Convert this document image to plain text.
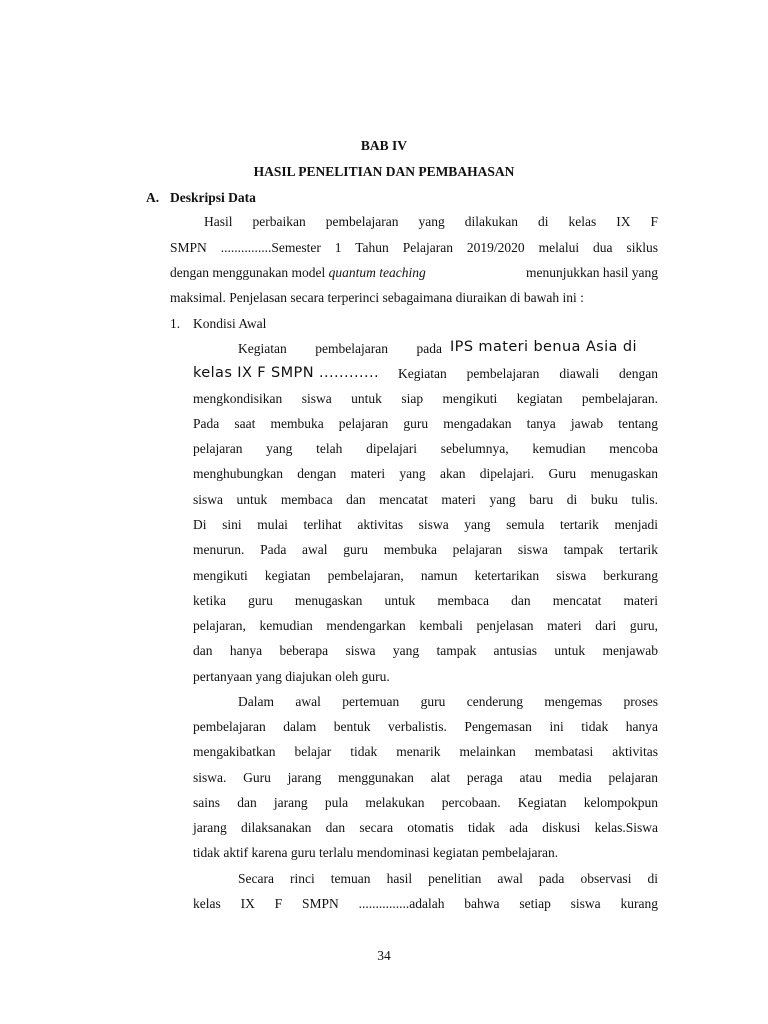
BAB IV
HASIL PENELITIAN DAN PEMBAHASAN
A. Deskripsi Data
Hasil perbaikan pembelajaran yang dilakukan di kelas IX F
SMPN ...............Semester 1 Tahun Pelajaran 2019/2020 melalui dua siklus
dengan menggunakan model quantum teaching	menunjukkan hasil yang
maksimal. Penjelasan secara terperinci sebagaimana diuraikan di bawah ini :
1. Kondisi Awal
Kegiatan pembelajaran pada IPS materi benua Asia di
kelas IX F SMPN ............ Kegiatan pembelajaran diawali dengan
mengkondisikan siswa untuk siap mengikuti kegiatan pembelajaran.
Pada saat membuka pelajaran guru mengadakan tanya jawab tentang
pelajaran yang telah dipelajari sebelumnya, kemudian mencoba
menghubungkan dengan materi yang akan dipelajari. Guru menugaskan
siswa untuk membaca dan mencatat materi yang baru di buku tulis.
Di sini mulai terlihat aktivitas siswa yang semula tertarik menjadi
menurun. Pada awal guru membuka pelajaran siswa tampak tertarik
mengikuti kegiatan pembelajaran, namun ketertarikan siswa berkurang
ketika guru menugaskan untuk membaca dan mencatat materi
pelajaran, kemudian mendengarkan kembali penjelasan materi dari guru,
dan hanya beberapa siswa yang tampak antusias untuk menjawab
pertanyaan yang diajukan oleh guru.
Dalam awal pertemuan guru cenderung mengemas proses
pembelajaran dalam bentuk verbalistis. Pengemasan ini tidak hanya
mengakibatkan belajar tidak menarik melainkan membatasi aktivitas
siswa. Guru jarang menggunakan alat peraga atau media pelajaran
sains dan jarang pula melakukan percobaan. Kegiatan kelompokpun
jarang dilaksanakan dan secara otomatis tidak ada diskusi kelas.Siswa
tidak aktif karena guru terlalu mendominasi kegiatan pembelajaran.
Secara rinci temuan hasil penelitian awal pada observasi di
kelas IX F SMPN ...............adalah bahwa setiap siswa kurang
34
